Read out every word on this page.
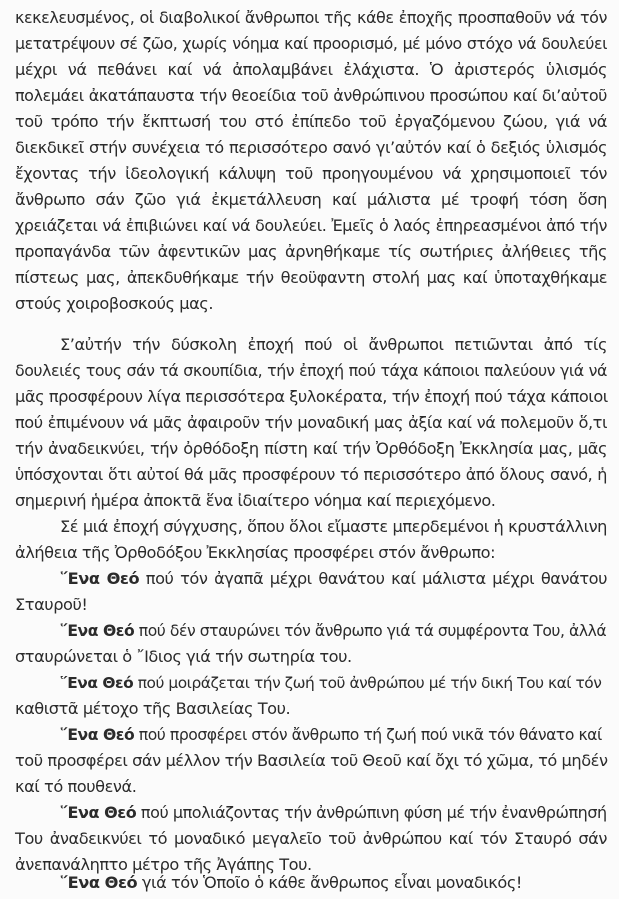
κεκελευσμένος, οἱ διαβολικοί ἄνθρωποι τῆς κάθε ἐποχῆς προσπαθοῦν νά τόν
μετατρέψουν σέ ζῶο, χωρίς νόημα καί προορισμό, μέ μόνο στόχο νά δουλεύει
μέχρι νά πεθάνει καί νά ἀπολαμβάνει ἐλάχιστα. Ὁ ἀριστερός ὑλισμός
πολεμάει ἀκατάπαυστα τήν θεοείδια τοῦ ἀνθρώπινου προσώπου καί δι’αὐτοῦ
τοῦ τρόπο τήν ἔκπτωσή του στό ἐπίπεδο τοῦ ἐργαζόμενου ζώου, γιά νά
διεκδικεῖ στήν συνέχεια τό περισσότερο σανό γι’αὐτόν καί ὁ δεξιός ὑλισμός
ἔχοντας τήν ἰδεολογική κάλυψη τοῦ προηγουμένου νά χρησιμοποιεῖ τόν
ἄνθρωπο σάν ζῶο γιά ἐκμετάλλευση καί μάλιστα μέ τροφή τόση ὅση
χρειάζεται νά ἐπιβιώνει καί νά δουλεύει. Ἐμεῖς ὁ λαός ἐπηρεασμένοι ἀπό τήν
προπαγάνδα τῶν ἀφεντικῶν μας ἀρνηθήκαμε τίς σωτήριες ἀλήθειες τῆς
πίστεως μας, ἀπεκδυθήκαμε τήν θεοϋφαντη στολή μας καί ὑποταχθήκαμε
στούς χοιροβοσκούς μας.
Σ’αὐτήν τήν δύσκολη ἐποχή πού οἱ ἄνθρωποι πετιῶνται ἀπό τίς
δουλειές τους σάν τά σκουπίδια, τήν ἐποχή πού τάχα κάποιοι παλεύουν γιά νά
μᾶς προσφέρουν λίγα περισσότερα ξυλοκέρατα, τήν ἐποχή πού τάχα κάποιοι
πού ἐπιμένουν νά μᾶς ἀφαιροῦν τήν μοναδική μας ἀξία καί νά πολεμοῦν ὅ,τι
τήν ἀναδεικνύει, τήν ὀρθόδοξη πίστη καί τήν Ὀρθόδοξη Ἐκκλησία μας, μᾶς
ὑπόσχονται ὅτι αὐτοί θά μᾶς προσφέρουν τό περισσότερο ἀπό ὅλους σανό, ἡ
σημερινή ἡμέρα ἀποκτᾶ ἕνα ἰδιαίτερο νόημα καί περιεχόμενο.
Σέ μιά ἐποχή σύγχυσης, ὅπου ὅλοι εἴμαστε μπερδεμένοι ἡ κρυστάλλινη
ἀλήθεια τῆς Ὀρθοδόξου Ἐκκλησίας προσφέρει στόν ἄνθρωπο:
῞Ενα Θεό πού τόν ἀγαπᾶ μέχρι θανάτου καί μάλιστα μέχρι θανάτου
Σταυροῦ!
῞Ενα Θεό πού δέν σταυρώνει τόν ἄνθρωπο γιά τά συμφέροντα Του, ἀλλά
σταυρώνεται ὁ ῎Ιδιος γιά τήν σωτηρία του.
῞Ενα Θεό πού μοιράζεται τήν ζωή τοῦ ἀνθρώπου μέ τήν δική Του καί τόν
καθιστᾶ μέτοχο τῆς Βασιλείας Του.
῞Ενα Θεό πού προσφέρει στόν ἄνθρωπο τή ζωή πού νικᾶ τόν θάνατο καί
τοῦ προσφέρει σάν μέλλον τήν Βασιλεία τοῦ Θεοῦ καί ὄχι τό χῶμα, τό μηδέν
καί τό πουθενά.
῞Ενα Θεό πού μπολιάζοντας τήν ἀνθρώπινη φύση μέ τήν ἐνανθρώπησή
Του ἀναδεικνύει τό μοναδικό μεγαλεῖο τοῦ ἀνθρώπου καί τόν Σταυρό σάν
ἀνεπανάληπτο μέτρο τῆς Ἀγάπης Του.
῞Ενα Θεό γιά τόν Ὁποῖο ὁ κάθε ἄνθρωπος εἶναι μοναδικός!
